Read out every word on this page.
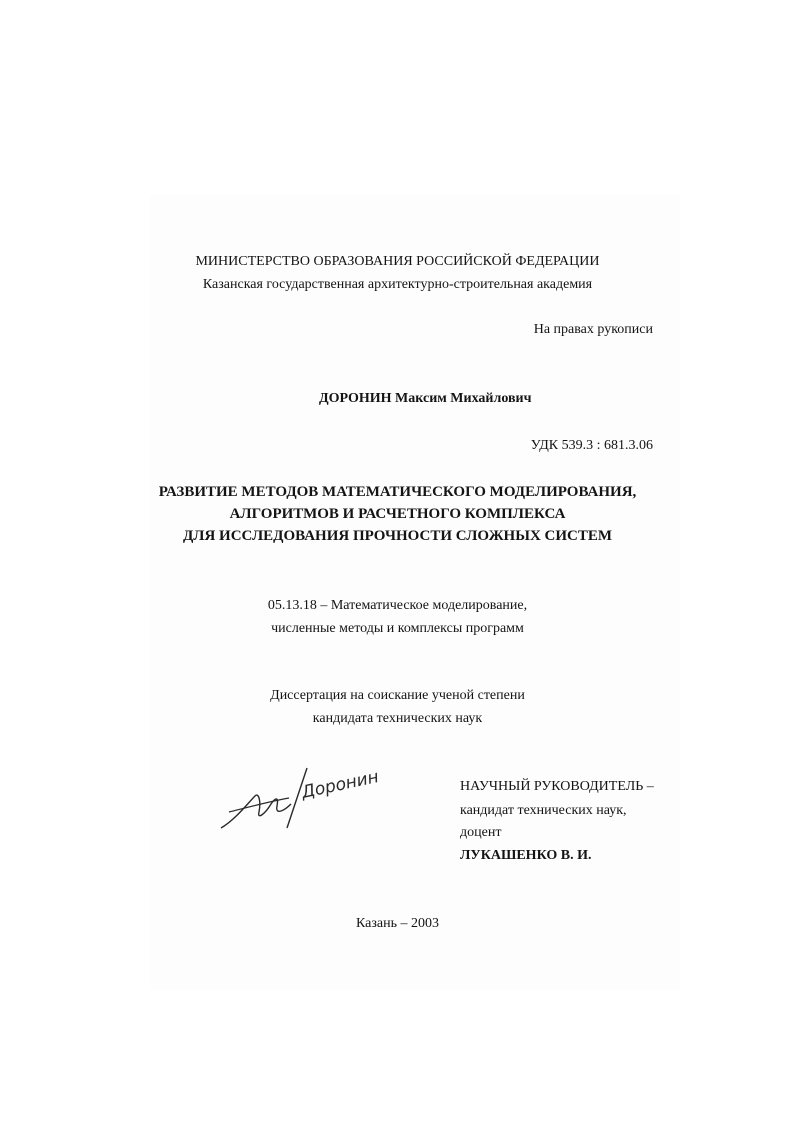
МИНИСТЕРСТВО ОБРАЗОВАНИЯ РОССИЙСКОЙ ФЕДЕРАЦИИ
Казанская государственная архитектурно-строительная академия
На правах рукописи
ДОРОНИН Максим Михайлович
УДК 539.3 : 681.3.06
РАЗВИТИЕ МЕТОДОВ МАТЕМАТИЧЕСКОГО МОДЕЛИРОВАНИЯ,
АЛГОРИТМОВ И РАСЧЕТНОГО КОМПЛЕКСА
ДЛЯ ИССЛЕДОВАНИЯ ПРОЧНОСТИ СЛОЖНЫХ СИСТЕМ
05.13.18 – Математическое моделирование,
численные методы и комплексы программ
Диссертация на соискание ученой степени
кандидата технических наук
Доронин	НАУЧНЫЙ РУКОВОДИТЕЛЬ –
кандидат технических наук,
доцент
ЛУКАШЕНКО В. И.
Казань – 2003
